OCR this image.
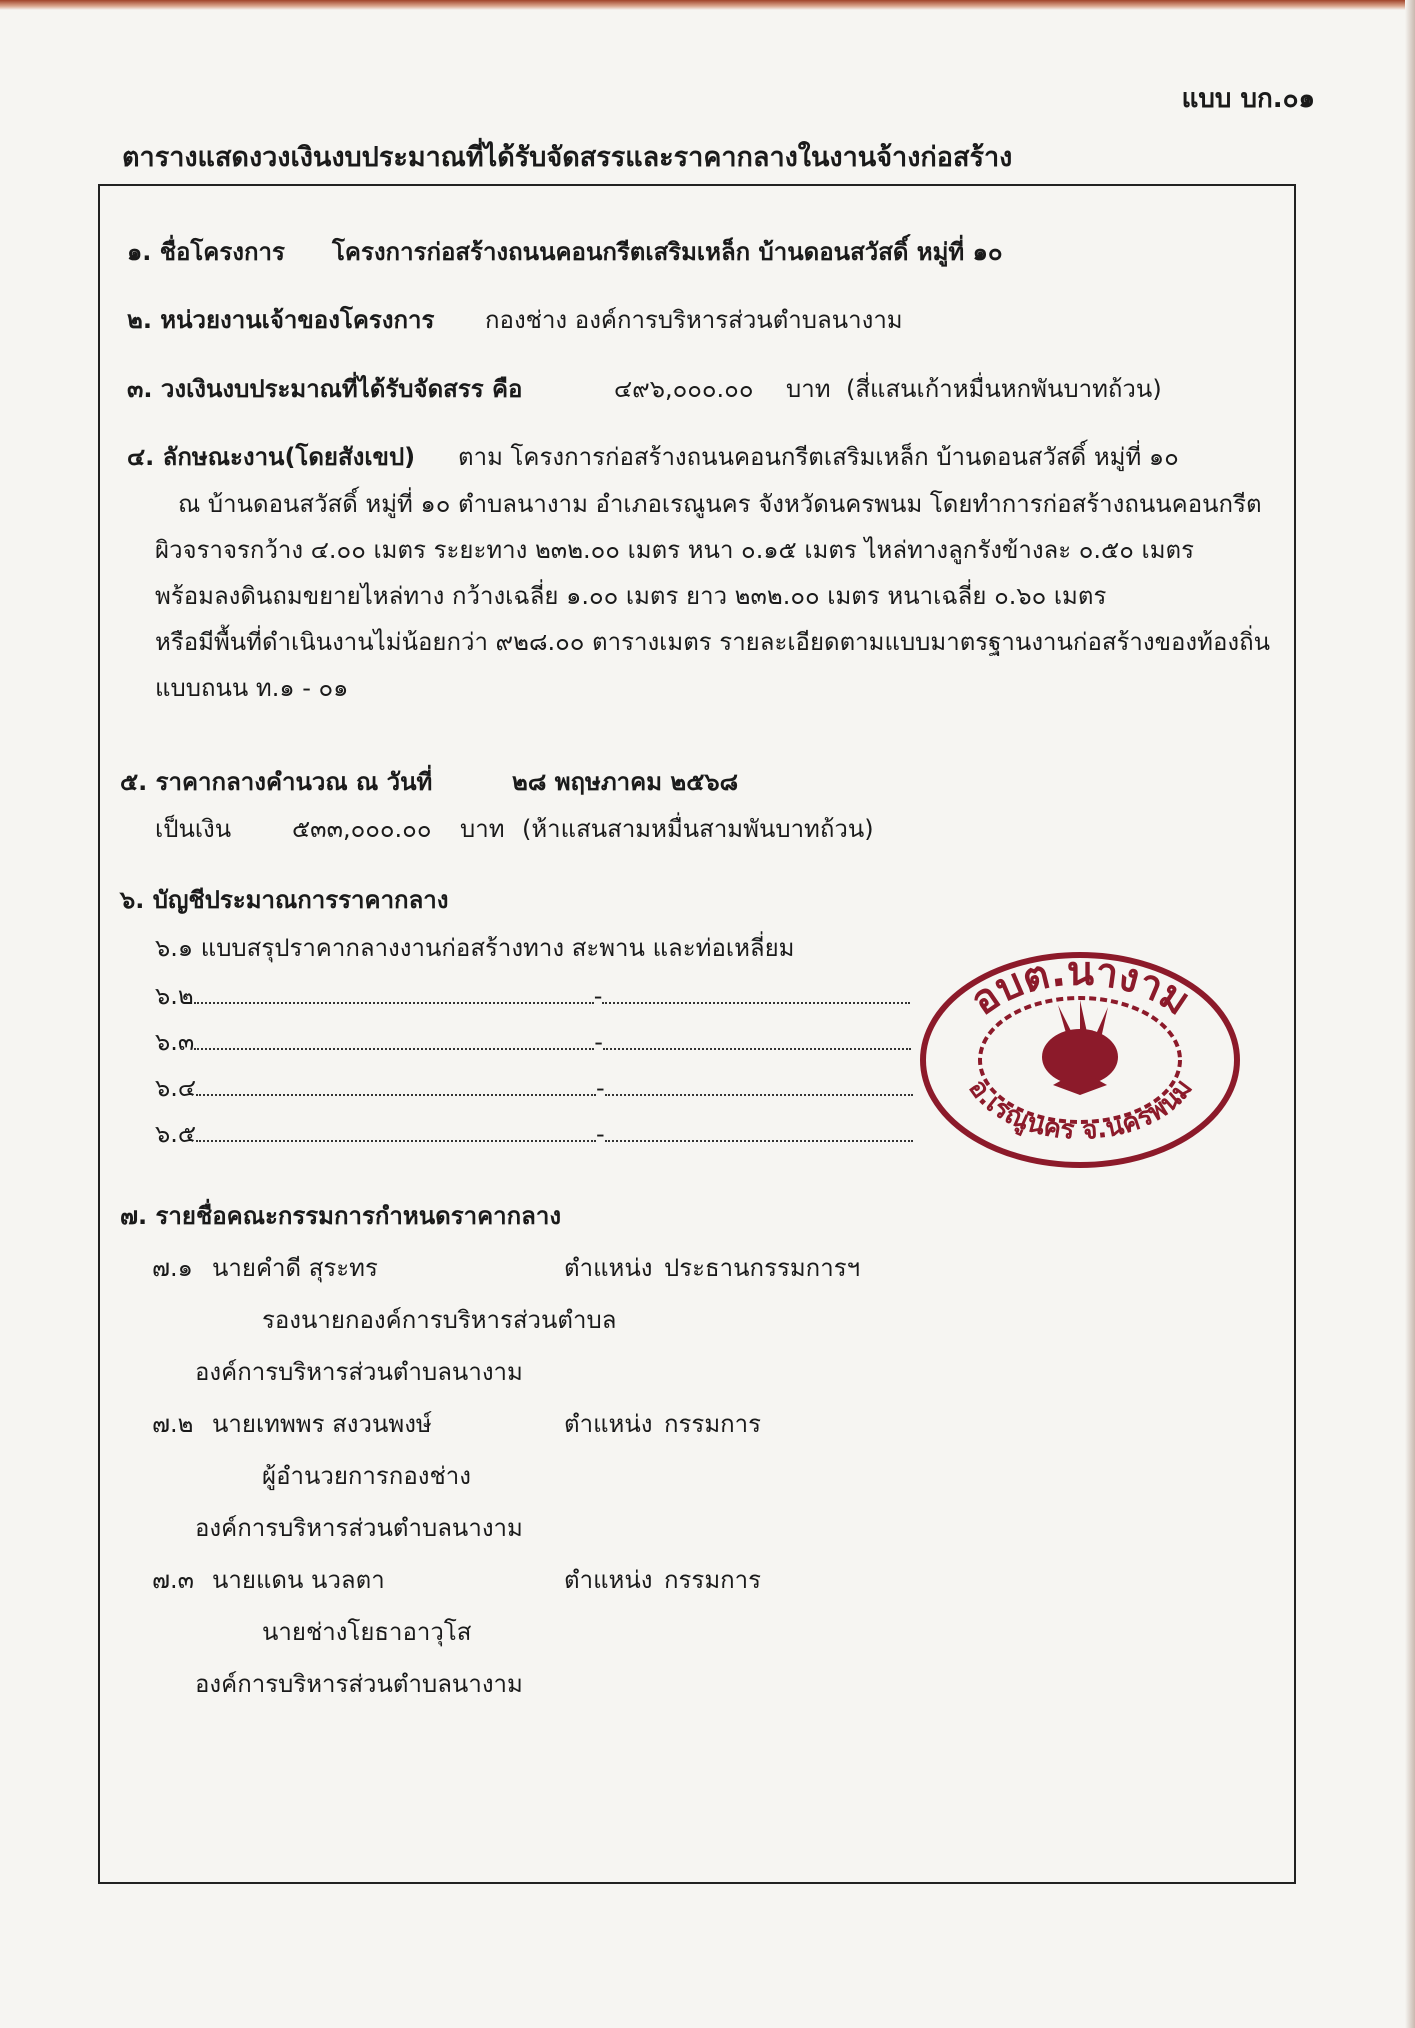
แบบ บก.๐๑
ตารางแสดงวงเงินงบประมาณที่ได้รับจัดสรรและราคากลางในงานจ้างก่อสร้าง
๑. ชื่อโครงการ โครงการก่อสร้างถนนคอนกรีตเสริมเหล็ก บ้านดอนสวัสดิ์ หมู่ที่ ๑๐
๒. หน่วยงานเจ้าของโครงการ กองช่าง องค์การบริหารส่วนตำบลนางาม
๓. วงเงินงบประมาณที่ได้รับจัดสรร คือ	๔๙๖,๐๐๐.๐๐ บาท (สี่แสนเก้าหมื่นหกพันบาทถ้วน)
๔. ลักษณะงาน(โดยสังเขป) ตาม โครงการก่อสร้างถนนคอนกรีตเสริมเหล็ก บ้านดอนสวัสดิ์ หมู่ที่ ๑๐
ณ บ้านดอนสวัสดิ์ หมู่ที่ ๑๐ ตำบลนางาม อำเภอเรณูนคร จังหวัดนครพนม โดยทำการก่อสร้างถนนคอนกรีต
ผิวจราจรกว้าง ๔.๐๐ เมตร ระยะทาง ๒๓๒.๐๐ เมตร หนา ๐.๑๕ เมตร ไหล่ทางลูกรังข้างละ ๐.๕๐ เมตร
พร้อมลงดินถมขยายไหล่ทาง กว้างเฉลี่ย ๑.๐๐ เมตร ยาว ๒๓๒.๐๐ เมตร หนาเฉลี่ย ๐.๖๐ เมตร
หรือมีพื้นที่ดำเนินงานไม่น้อยกว่า ๙๒๘.๐๐ ตารางเมตร รายละเอียดตามแบบมาตรฐานงานก่อสร้างของท้องถิ่น
แบบถนน ท.๑ - ๐๑
๕. ราคากลางคำนวณ ณ วันที่	๒๘ พฤษภาคม ๒๕๖๘
เป็นเงิน	๕๓๓,๐๐๐.๐๐ บาท (ห้าแสนสามหมื่นสามพันบาทถ้วน)
๖. บัญชีประมาณการราคากลาง
๖.๑ แบบสรุปราคากลางงานก่อสร้างทาง สะพาน และท่อเหลี่ยม
๖.๒	-
๖.๓	-
๖.๔	-
๖.๕	-
อบต.นางาม
อ.เรณูนคร จ.นครพนม
๗. รายชื่อคณะกรรมการกำหนดราคากลาง
๗.๑ นายคำดี สุระทร	ตำแหน่ง ประธานกรรมการฯ
รองนายกองค์การบริหารส่วนตำบล
องค์การบริหารส่วนตำบลนางาม
๗.๒ นายเทพพร สงวนพงษ์	ตำแหน่ง กรรมการ
ผู้อำนวยการกองช่าง
องค์การบริหารส่วนตำบลนางาม
๗.๓ นายแดน นวลตา	ตำแหน่ง กรรมการ
นายช่างโยธาอาวุโส
องค์การบริหารส่วนตำบลนางาม
